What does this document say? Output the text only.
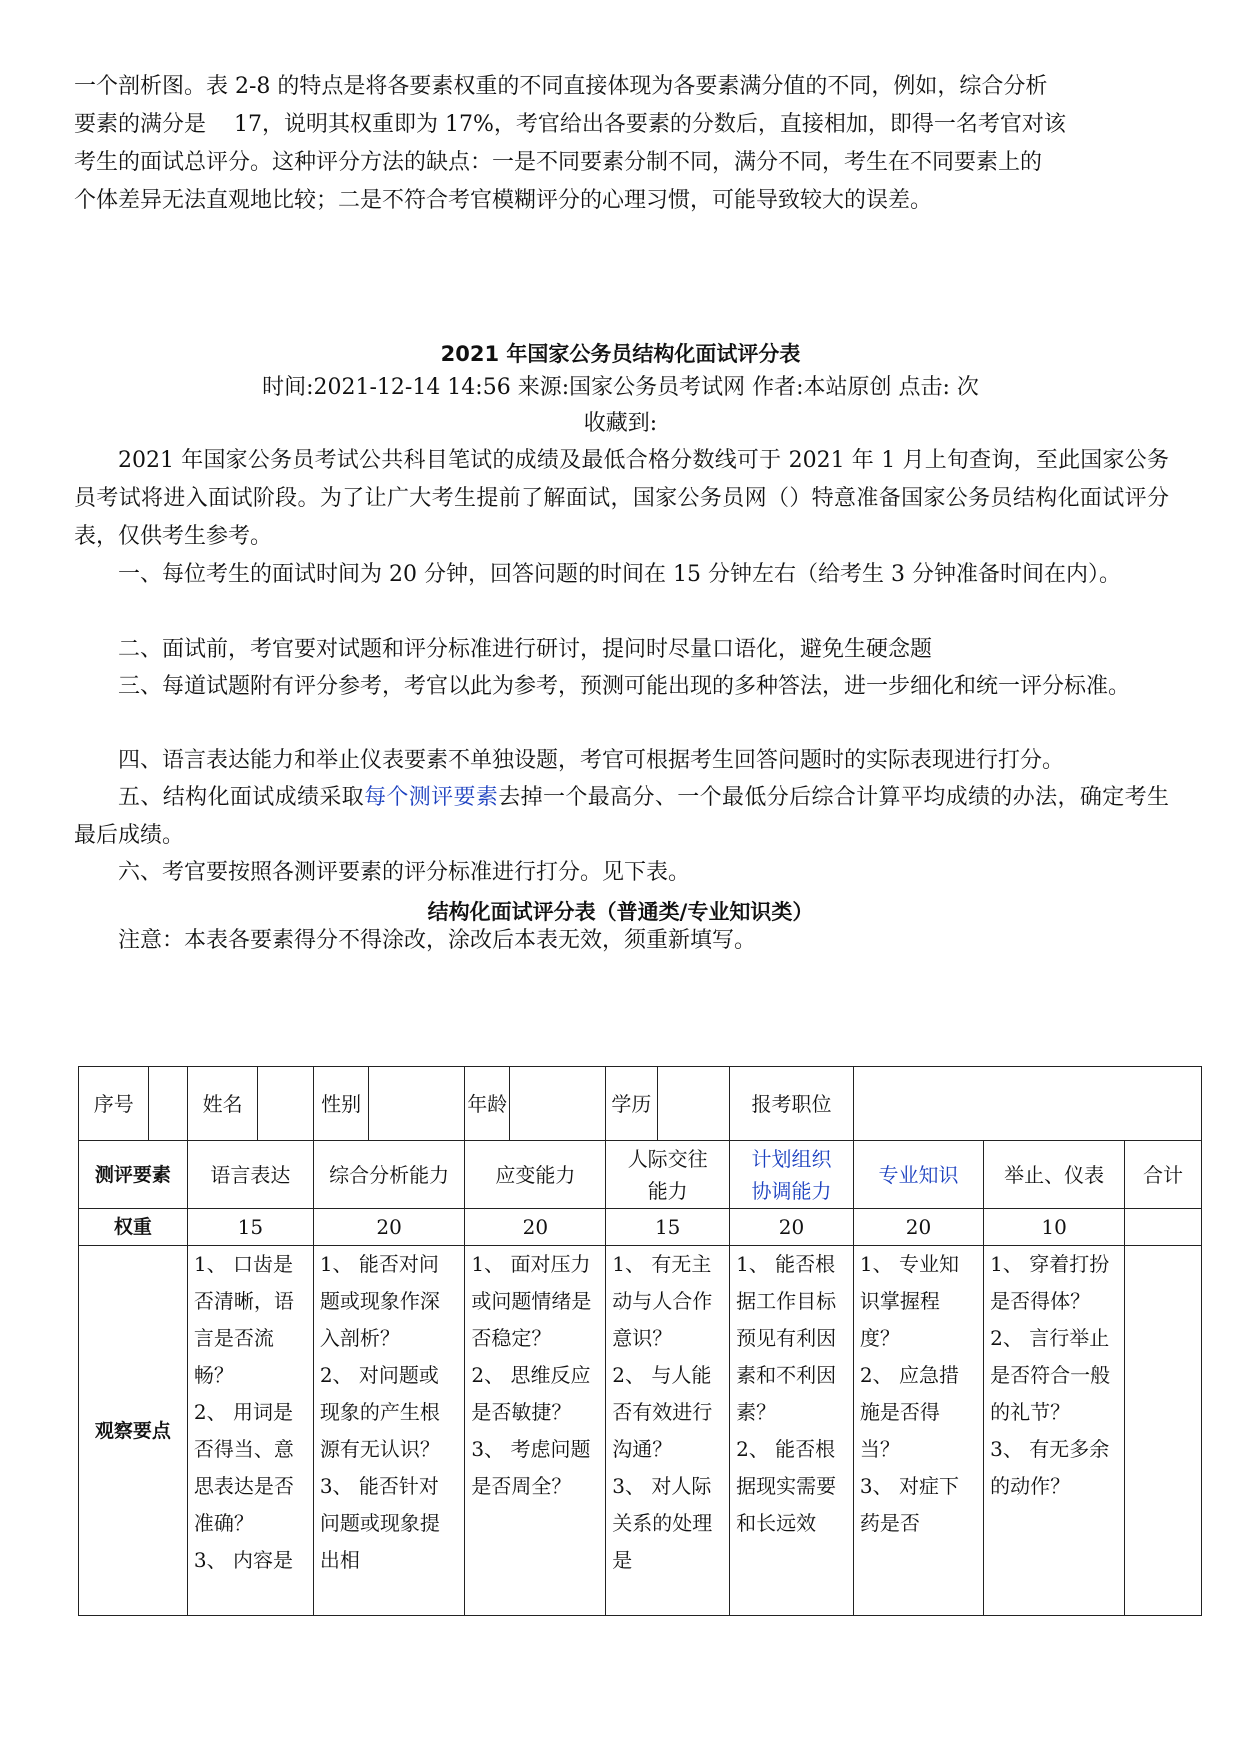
一个剖析图。表 2-8 的特点是将各要素权重的不同直接体现为各要素满分值的不同，例如，综合分析
要素的满分是    17，说明其权重即为 17%，考官给出各要素的分数后，直接相加，即得一名考官对该
考生的面试总评分。这种评分方法的缺点：一是不同要素分制不同，满分不同，考生在不同要素上的
个体差异无法直观地比较；二是不符合考官模糊评分的心理习惯，可能导致较大的误差。
2021 年国家公务员结构化面试评分表
时间:2021-12-14 14:56 来源:国家公务员考试网 作者:本站原创 点击: 次
收藏到:

2021 年国家公务员考试公共科目笔试的成绩及最低合格分数线可于 2021 年 1 月上旬查询，至此国家公务员考试将进入面试阶段。为了让广大考生提前了解面试，国家公务员网（）特意准备国家公务员结构化面试评分表，仅供考生参考。

一、每位考生的面试时间为 20 分钟，回答问题的时间在 15 分钟左右（给考生 3 分钟准备时间在内）。

二、面试前，考官要对试题和评分标准进行研讨，提问时尽量口语化，避免生硬念题

三、每道试题附有评分参考，考官以此为参考，预测可能出现的多种答法，进一步细化和统一评分标准。

四、语言表达能力和举止仪表要素不单独设题，考官可根据考生回答问题时的实际表现进行打分。

五、结构化面试成绩采取每个测评要素去掉一个最高分、一个最低分后综合计算平均成绩的办法，确定考生最后成绩。

六、考官要按照各测评要素的评分标准进行打分。见下表。

结构化面试评分表（普通类/专业知识类）
注意：本表各要素得分不得涂改，涂改后本表无效，须重新填写。
序号		姓名		性别		年龄		学历		报考职位			
测评要素		语言表达		综合分析能力		应变能力		人际交往能力		计划组织协调能力	专业知识	举止、仪表	合计
权重		15		20		20		15		20	20	10	
观察要点		1、 口齿是否清晰，语言是否流畅？
2、 用词是否得当、意思表达是否准确？
3、 内容是		1、 能否对问题或现象作深入剖析？
2、 对问题或现象的产生根源有无认识？
3、 能否针对问题或现象提出相		1、 面对压力或问题情绪是否稳定？
2、 思维反应是否敏捷？
3、 考虑问题是否周全？		1、 有无主动与人合作意识？
2、 与人能否有效进行沟通？
3、 对人际关系的处理是		1、 能否根据工作目标预见有利因素和不利因素？
2、 能否根据现实需要和长远效	1、 专业知识掌握程度？
2、 应急措施是否得当？
3、 对症下药是否	1、 穿着打扮是否得体？
2、 言行举止是否符合一般的礼节？
3、 有无多余的动作？	
